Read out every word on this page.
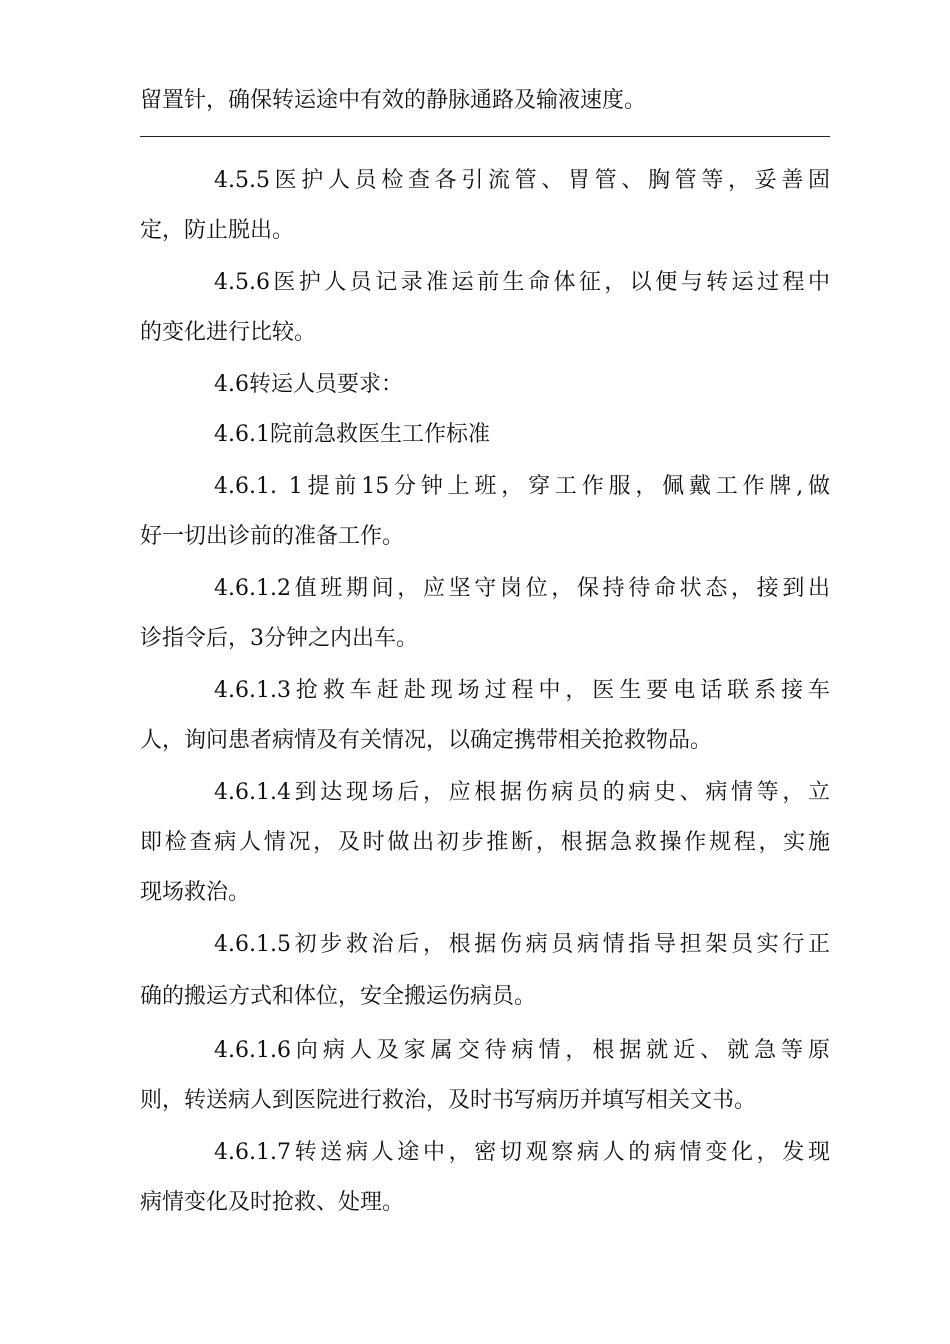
留置针，确保转运途中有效的静脉通路及输液速度。
4.5.5医护人员检查各引流管、胃管、胸管等，妥善固
定，防止脱出。
4.5.6医护人员记录准运前生命体征，以便与转运过程中
的变化进行比较。
4.6转运人员要求：
4.6.1院前急救医生工作标准
4.6.1. 1提前15分钟上班，穿工作服，佩戴工作牌,做
好一切出诊前的准备工作。
4.6.1.2值班期间，应坚守岗位，保持待命状态，接到出
诊指令后，3分钟之内出车。
4.6.1.3抢救车赶赴现场过程中，医生要电话联系接车
人，询问患者病情及有关情况，以确定携带相关抢救物品。
4.6.1.4到达现场后，应根据伤病员的病史、病情等，立
即检查病人情况，及时做出初步推断，根据急救操作规程，实施
现场救治。
4.6.1.5初步救治后，根据伤病员病情指导担架员实行正
确的搬运方式和体位，安全搬运伤病员。
4.6.1.6向病人及家属交待病情，根据就近、就急等原
则，转送病人到医院进行救治，及时书写病历并填写相关文书。
4.6.1.7转送病人途中，密切观察病人的病情变化，发现
病情变化及时抢救、处理。
